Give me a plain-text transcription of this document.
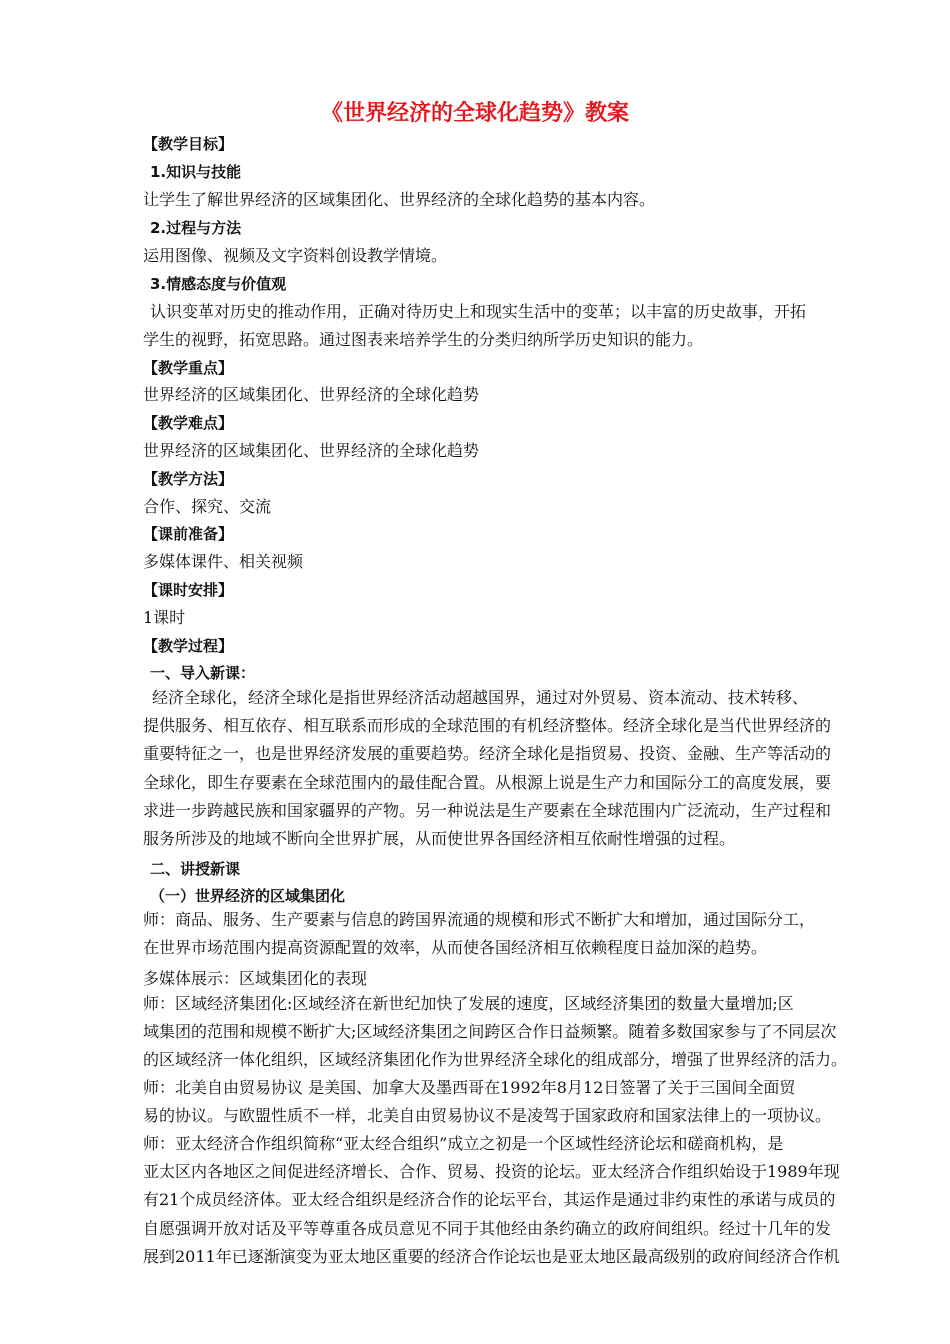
《世界经济的全球化趋势》教案
【教学目标】
1.知识与技能
让学生了解世界经济的区域集团化、世界经济的全球化趋势的基本内容。
2.过程与方法
运用图像、视频及文字资料创设教学情境。
3.情感态度与价值观
认识变革对历史的推动作用，正确对待历史上和现实生活中的变革；以丰富的历史故事，开拓
学生的视野，拓宽思路。通过图表来培养学生的分类归纳所学历史知识的能力。
【教学重点】
世界经济的区域集团化、世界经济的全球化趋势
【教学难点】
世界经济的区域集团化、世界经济的全球化趋势
【教学方法】
合作、探究、交流
【课前准备】
多媒体课件、相关视频
【课时安排】
1课时
【教学过程】
一、导入新课：
经济全球化，经济全球化是指世界经济活动超越国界，通过对外贸易、资本流动、技术转移、
提供服务、相互依存、相互联系而形成的全球范围的有机经济整体。经济全球化是当代世界经济的
重要特征之一，也是世界经济发展的重要趋势。经济全球化是指贸易、投资、金融、生产等活动的
全球化，即生存要素在全球范围内的最佳配合置。从根源上说是生产力和国际分工的高度发展，要
求进一步跨越民族和国家疆界的产物。另一种说法是生产要素在全球范围内广泛流动，生产过程和
服务所涉及的地域不断向全世界扩展，从而使世界各国经济相互依耐性增强的过程。
二、讲授新课
（一）世界经济的区域集团化
师：商品、服务、生产要素与信息的跨国界流通的规模和形式不断扩大和增加，通过国际分工，
在世界市场范围内提高资源配置的效率，从而使各国经济相互依赖程度日益加深的趋势。
多媒体展示：区域集团化的表现
师：区域经济集团化:区域经济在新世纪加快了发展的速度，区域经济集团的数量大量增加;区
域集团的范围和规模不断扩大;区域经济集团之间跨区合作日益频繁。随着多数国家参与了不同层次
的区域经济一体化组织，区域经济集团化作为世界经济全球化的组成部分，增强了世界经济的活力。
师：北美自由贸易协议 是美国、加拿大及墨西哥在1992年8月12日签署了关于三国间全面贸
易的协议。与欧盟性质不一样，北美自由贸易协议不是凌驾于国家政府和国家法律上的一项协议。
师：亚太经济合作组织简称“亚太经合组织”成立之初是一个区域性经济论坛和磋商机构，是
亚太区内各地区之间促进经济增长、合作、贸易、投资的论坛。亚太经济合作组织始设于1989年现
有21个成员经济体。亚太经合组织是经济合作的论坛平台，其运作是通过非约束性的承诺与成员的
自愿强调开放对话及平等尊重各成员意见不同于其他经由条约确立的政府间组织。经过十几年的发
展到2011年已逐渐演变为亚太地区重要的经济合作论坛也是亚太地区最高级别的政府间经济合作机
